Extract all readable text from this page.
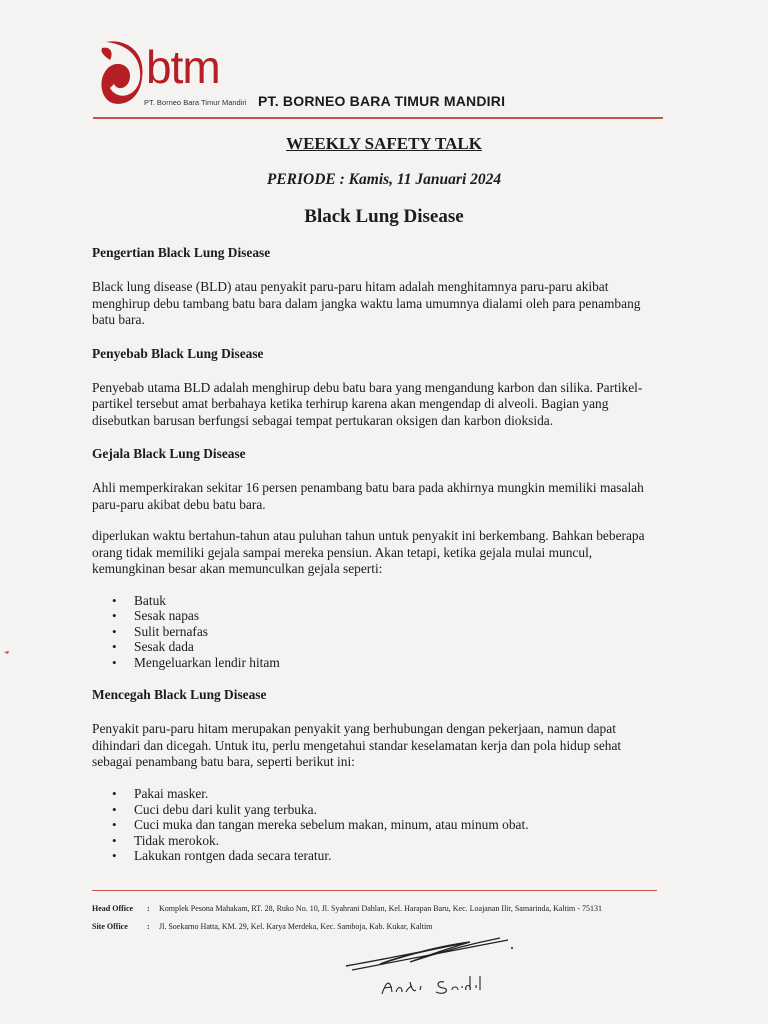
btm
PT. Borneo Bara Timur Mandiri PT. BORNEO BARA TIMUR MANDIRI
WEEKLY SAFETY TALK
PERIODE : Kamis, 11 Januari 2024
Black Lung Disease

Pengertian Black Lung Disease

Black lung disease (BLD) atau penyakit paru-paru hitam adalah menghitamnya paru-paru akibat menghirup debu tambang batu bara dalam jangka waktu lama umumnya dialami oleh para penambang batu bara.

Penyebab Black Lung Disease

Penyebab utama BLD adalah menghirup debu batu bara yang mengandung karbon dan silika. Partikel-partikel tersebut amat berbahaya ketika terhirup karena akan mengendap di alveoli. Bagian yang disebutkan barusan berfungsi sebagai tempat pertukaran oksigen dan karbon dioksida.

Gejala Black Lung Disease

Ahli memperkirakan sekitar 16 persen penambang batu bara pada akhirnya mungkin memiliki masalah paru-paru akibat debu batu bara.

diperlukan waktu bertahun-tahun atau puluhan tahun untuk penyakit ini berkembang. Bahkan beberapa orang tidak memiliki gejala sampai mereka pensiun. Akan tetapi, ketika gejala mulai muncul, kemungkinan besar akan memunculkan gejala seperti:

• Batuk
• Sesak napas
• Sulit bernafas
• Sesak dada
• Mengeluarkan lendir hitam

Mencegah Black Lung Disease

Penyakit paru-paru hitam merupakan penyakit yang berhubungan dengan pekerjaan, namun dapat dihindari dan dicegah. Untuk itu, perlu mengetahui standar keselamatan kerja dan pola hidup sehat sebagai penambang batu bara, seperti berikut ini:

• Pakai masker.
• Cuci debu dari kulit yang terbuka.
• Cuci muka dan tangan mereka sebelum makan, minum, atau minum obat.
• Tidak merokok.
• Lakukan rontgen dada secara teratur.
Head Office	:	Komplek Pesona Mahakam, RT. 28, Ruko No. 10, Jl. Syahrani Dahlan, Kel. Harapan Baru, Kec. Loajanan Ilir, Samarinda, Kaltim - 75131
Site Office	:	Jl. Soekarno Hatta, KM. 29, Kel. Karya Merdeka, Kec. Samboja, Kab. Kukar, Kaltim
